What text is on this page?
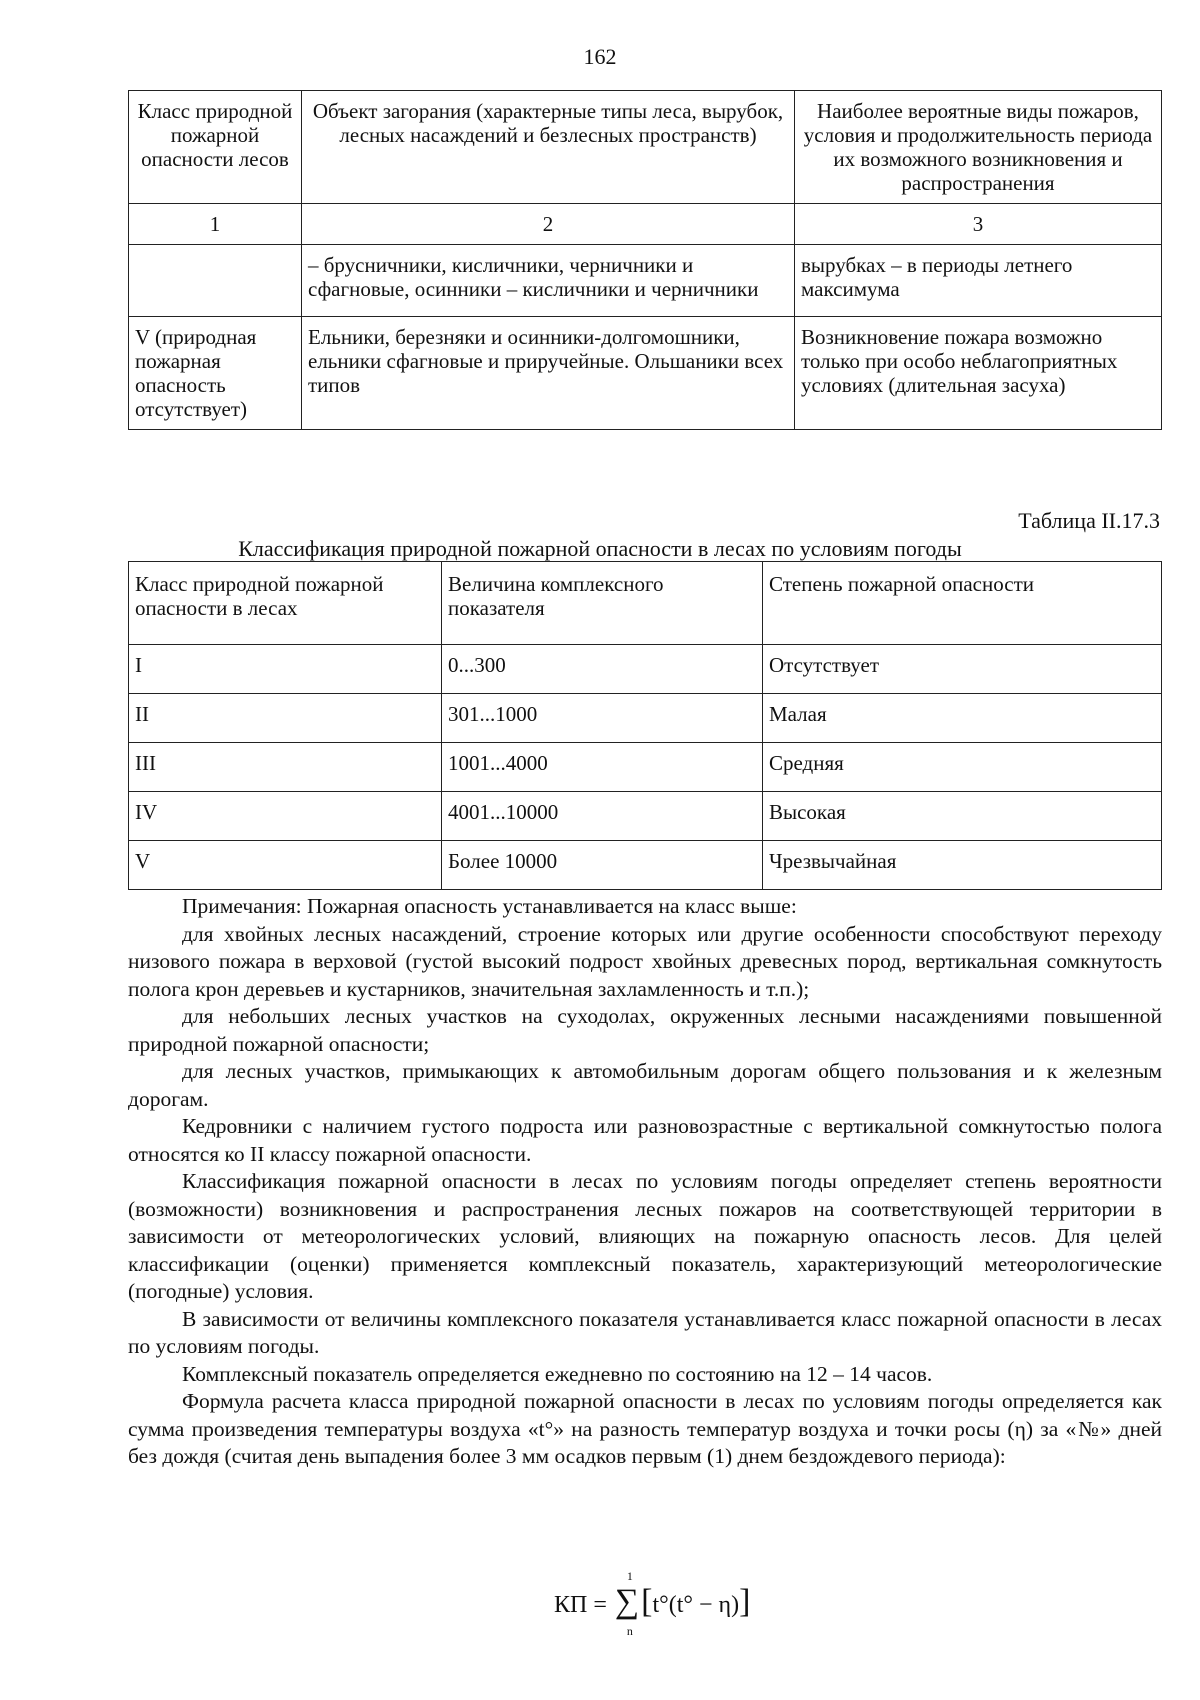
162
Класс природной пожарной опасности лесов	Объект загорания (характерные типы леса, вырубок, лесных насаждений и безлесных пространств)	Наиболее вероятные виды пожаров, условия и продолжительность периода их возможного возникновения и распространения
1	2	3
	– брусничники, кисличники, черничники и сфагновые, осинники – кисличники и черничники	вырубках – в периоды летнего максимума
V (природная пожарная опасность отсутствует)	Ельники, березняки и осинники-долгомошники, ельники сфагновые и приручейные. Ольшаники всех типов	Возникновение пожара возможно только при особо неблагоприятных условиях (длительная засуха)
Таблица II.17.3
Классификация природной пожарной опасности в лесах по условиям погоды
Класс природной пожарной опасности в лесах	Величина комплексного показателя	Степень пожарной опасности
I	0...300	Отсутствует
II	301...1000	Малая
III	1001...4000	Средняя
IV	4001...10000	Высокая
V	Более 10000	Чрезвычайная

Примечания: Пожарная опасность устанавливается на класс выше:

для хвойных лесных насаждений, строение которых или другие особенности способствуют переходу низового пожара в верховой (густой высокий подрост хвойных древесных пород, вертикальная сомкнутость полога крон деревьев и кустарников, значительная захламленность и т.п.);

для небольших лесных участков на суходолах, окруженных лесными насаждениями повышенной природной пожарной опасности;

для лесных участков, примыкающих к автомобильным дорогам общего пользования и к железным дорогам.

Кедровники с наличием густого подроста или разновозрастные с вертикальной сомкнутостью полога относятся ко II классу пожарной опасности.

Классификация пожарной опасности в лесах по условиям погоды определяет степень вероятности (возможности) возникновения и распространения лесных пожаров на соответствующей территории в зависимости от метеорологических условий, влияющих на пожарную опасность лесов. Для целей классификации (оценки) применяется комплексный показатель, характеризующий метеорологические (погодные) условия.

В зависимости от величины комплексного показателя устанавливается класс пожарной опасности в лесах по условиям погоды.

Комплексный показатель определяется ежедневно по состоянию на 12 – 14 часов.

Формула расчета класса природной пожарной опасности в лесах по условиям погоды определяется как сумма произведения температуры воздуха «t°» на разность температур воздуха и точки росы (η) за «№» дней без дождя (считая день выпадения более 3 мм осадков первым (1) днем бездождевого периода):

КП = ∑
1
n
[t°(t° − η)]
